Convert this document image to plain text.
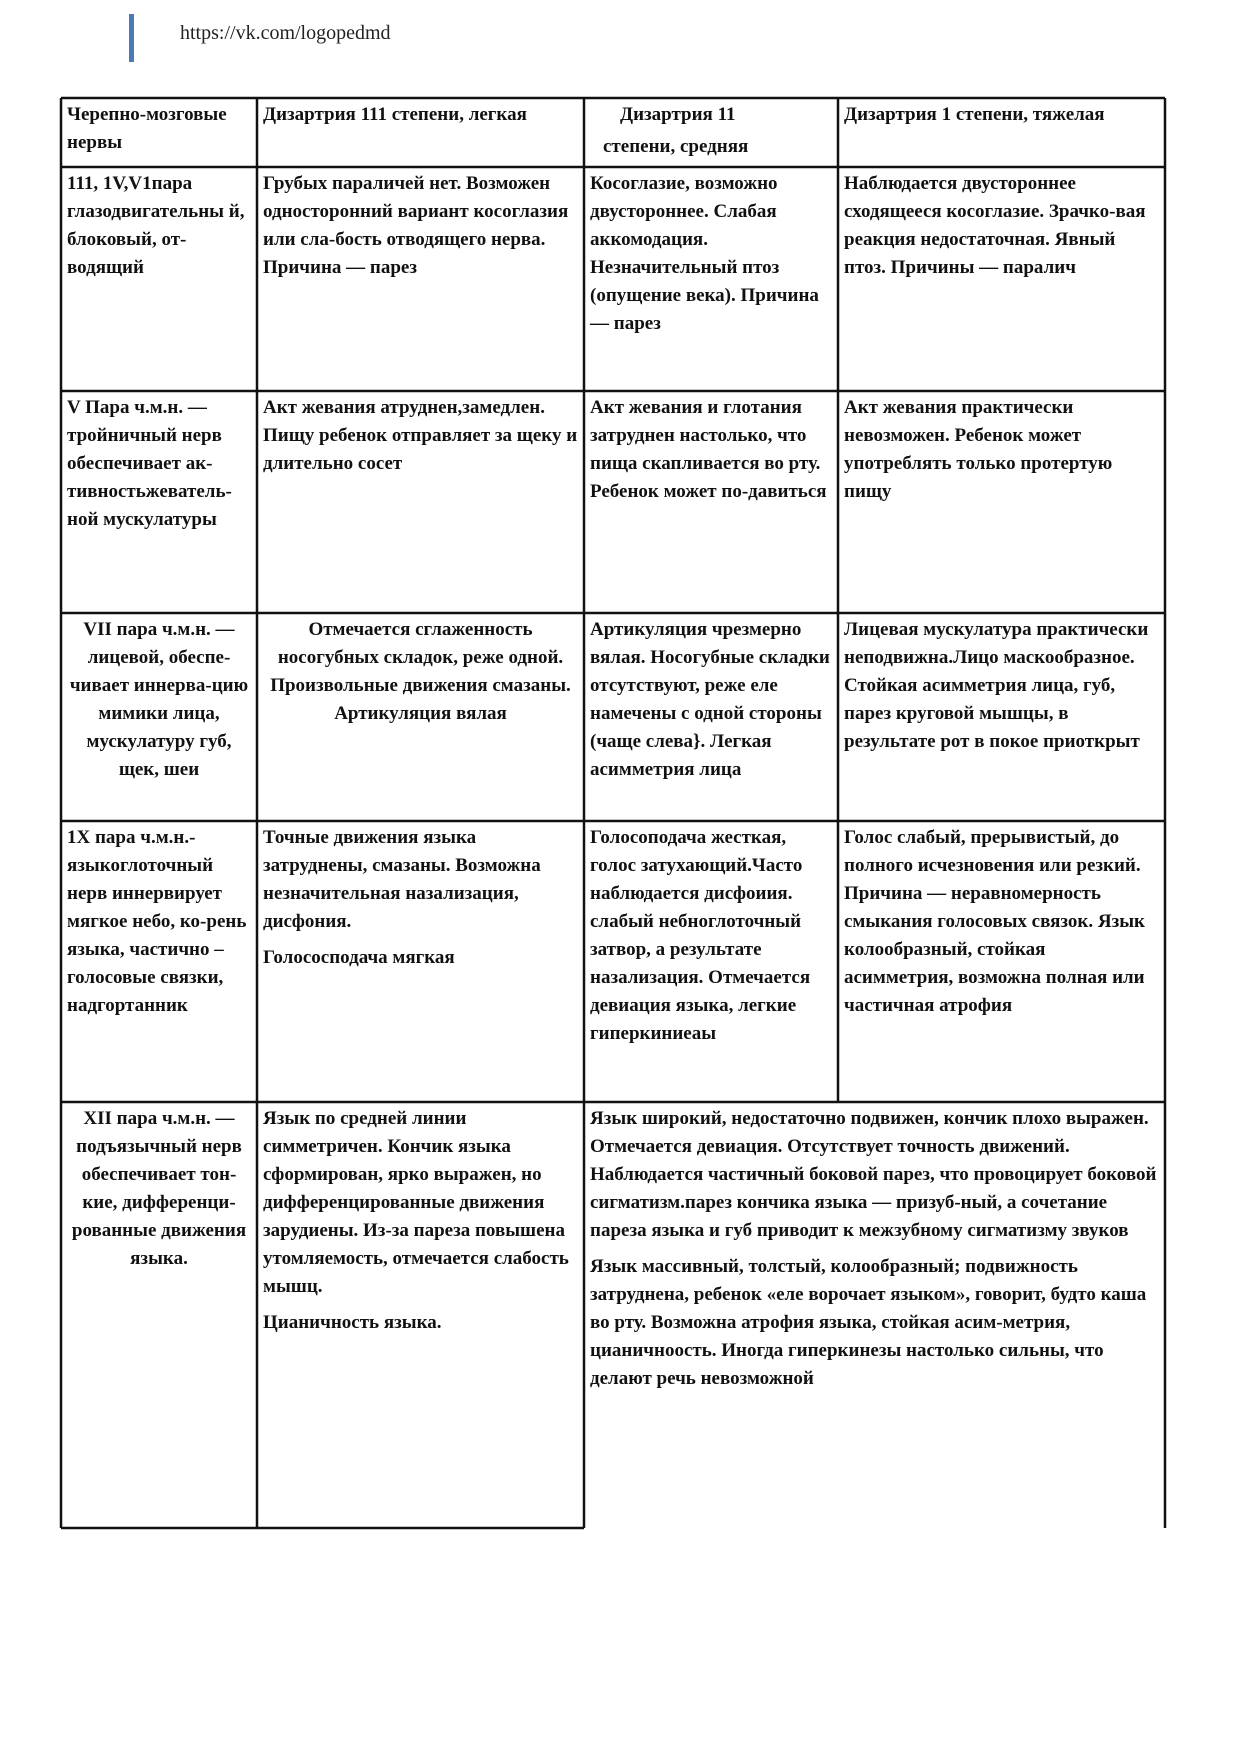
https://vk.com/logopedmd

Черепно-мозговые нервы

Дизартрия 111 степени, легкая	Дизартрия 11

степени, средняя

Дизартрия 1 степени, тяжелая

111, 1V,V1пара глазодвигательны й, блоковый, от-водящий

Грубых параличей нет. Возможен односторонний вариант косоглазия или сла-бость отводящего нерва. Причина — парез

Косоглазие, возможно двустороннее. Слабая аккомодация. Незначительный птоз (опущение века). Причина — парез

Наблюдается двустороннее сходящееся косоглазие. Зрачко-вая реакция недостаточная. Явный птоз. Причины — паралич

V Пара ч.м.н. — тройничный нерв обеспечивает ак-тивностьжеватель-ной мускулатуры

Акт жевания атруднен,замедлен. Пищу ребенок отправляет за щеку и длительно сосет

Акт жевания и глотания затруднен настолько, что пища скапливается во рту. Ребенок может по-давиться

Акт жевания практически невозможен. Ребенок может употреблять только протертую пищу

VII пара ч.м.н. — лицевой, обеспе-чивает иннерва-цию мимики лица, мускулатуру губ, щек, шеи

Отмечается сглаженность носогубных складок, реже одной. Произвольные движения смазаны. Артикуляция вялая

Артикуляция чрезмерно вялая. Носогубные складки отсутствуют, реже еле намечены с одной стороны (чаще слева}. Легкая асимметрия лица

Лицевая мускулатура практически неподвижна.Лицо маскообразное. Стойкая асимметрия лица, губ, парез круговой мышцы, в результате рот в покое приоткрыт

1Х пара ч.м.н.-языкоглоточный нерв иннервирует мягкое небо, ко-рень языка, частично – голосовые связки, надгортанник

Точные движения языка затруднены, смазаны. Возможна незначительная назализация, дисфония.

Голососподача мягкая

Голосоподача жесткая, голос затухающий.Часто наблюдается дисфоиия. слабый небноглоточный затвор, а результате назализация. Отмечается девиация языка, легкие гиперкиниеаы

Голос слабый, прерывистый, до полного исчезновения или резкий. Причина — неравномерность смыкания голосовых связок. Язык колообразный, стойкая асимметрия, возможна полная или частичная атрофия

XII пара ч.м.н. — подъязычный нерв обеспечивает тон-кие, дифференци-рованные движения языка.

Язык по средней линии симметричен. Кончик языка сформирован, ярко выражен, но дифференцированные движения зарудиены. Из-за пареза повышена утомляемость, отмечается слабость мышц.

Цианичность языка.

Язык широкий, недостаточно подвижен, кончик плохо выражен. Отмечается девиация. Отсутствует точность движений. Наблюдается частичный боковой парез, что провоцирует боковой сигматизм.парез кончика языка — призуб-ный, а сочетание пареза языка и губ приводит к межзубному сигматизму звуков

Язык массивный, толстый, колообразный; подвижность затруднена, ребенок «еле ворочает языком», говорит, будто каша во рту. Возможна атрофия языка, стойкая асим-метрия, цианичноость. Иногда гиперкинезы настолько сильны, что делают речь невозможной
